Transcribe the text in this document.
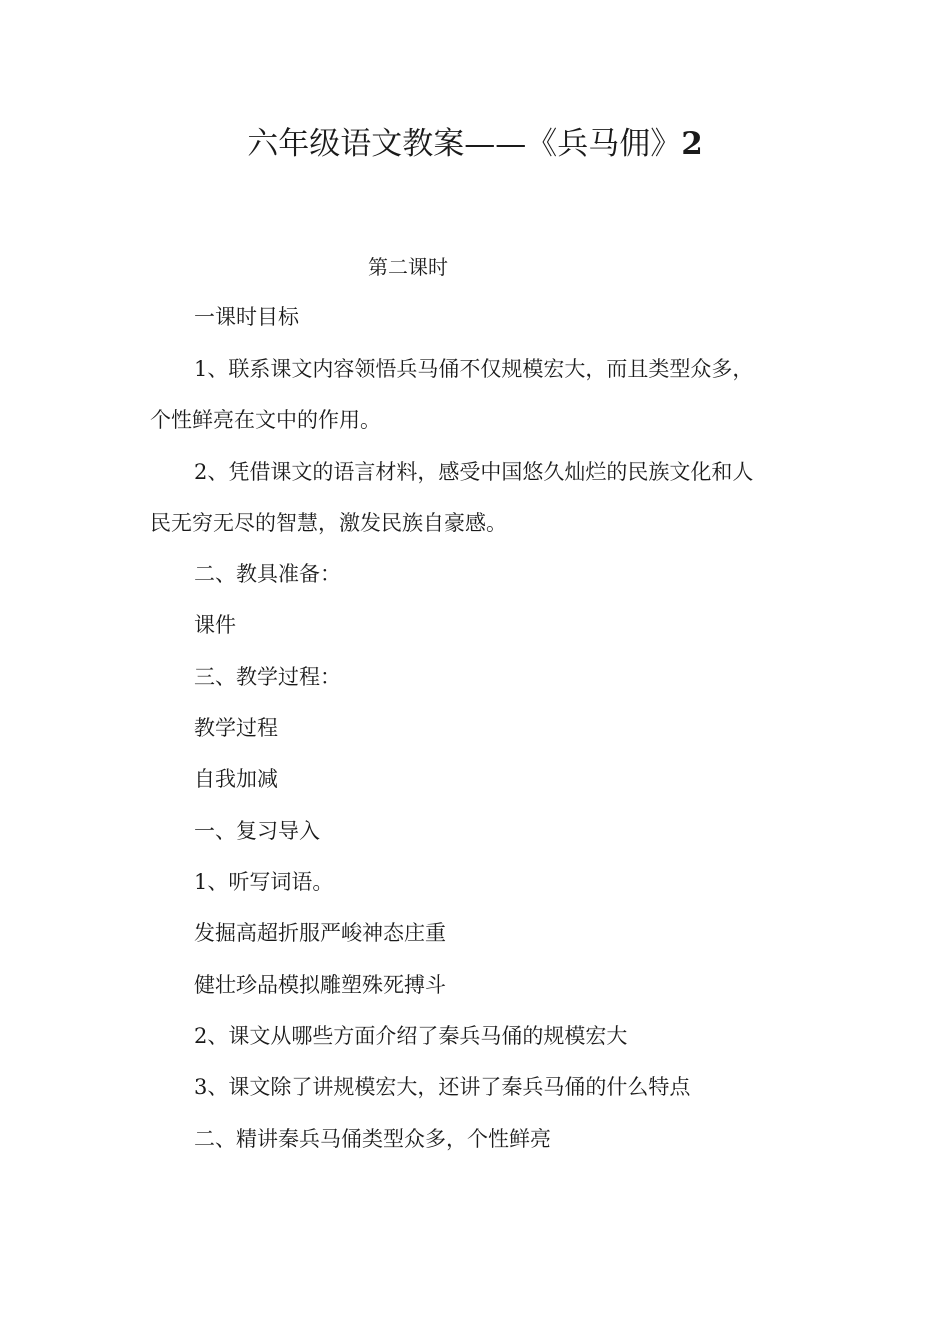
六年级语文教案——《兵马佣》2
第二课时
一课时目标
1、联系课文内容领悟兵马俑不仅规模宏大，而且类型众多，
个性鲜亮在文中的作用。
2、凭借课文的语言材料，感受中国悠久灿烂的民族文化和人
民无穷无尽的智慧，激发民族自豪感。
二、教具准备：
课件
三、教学过程：
教学过程
自我加减
一、复习导入
1、听写词语。
发掘高超折服严峻神态庄重
健壮珍品模拟雕塑殊死搏斗
2、课文从哪些方面介绍了秦兵马俑的规模宏大
3、课文除了讲规模宏大，还讲了秦兵马俑的什么特点
二、精讲秦兵马俑类型众多，个性鲜亮
